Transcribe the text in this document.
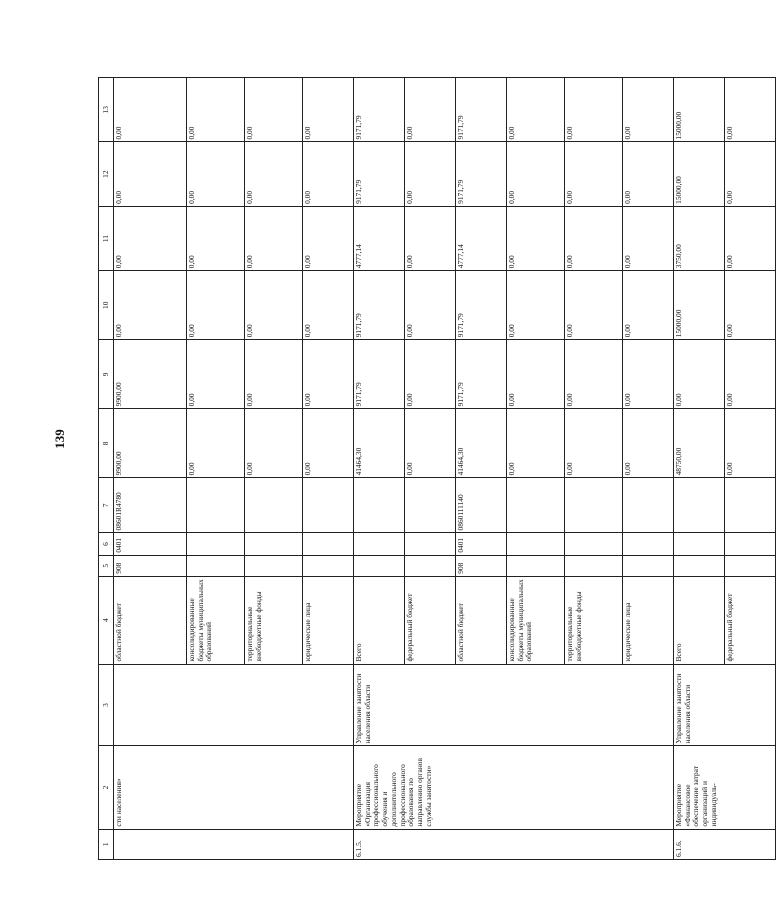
139
1	2	3	4	5	6	7	8	9	10	11	12	13
	сти населения»		областной бюджет	908	0401	08601R4780	9900,00	9900,00	0,00	0,00	0,00	0,00
			консолидированные бюджеты муниципальных образований				0,00	0,00	0,00	0,00	0,00	0,00
			территориальные внебюджетные фонды				0,00	0,00	0,00	0,00	0,00	0,00
			юридические лица				0,00	0,00	0,00	0,00	0,00	0,00
6.1.5.	Мероприятие «Организация профессионального обучения и дополнительного профессионального образования по направлению органов службы занятости»	Управление занятости населения области	Всего				41464,30	9171,79	9171,79	4777,14	9171,79	9171,79
			федеральный бюджет				0,00	0,00	0,00	0,00	0,00	0,00
			областной бюджет	908	0401	0860111140	41464,30	9171,79	9171,79	4777,14	9171,79	9171,79
			консолидированные бюджеты муниципальных образований				0,00	0,00	0,00	0,00	0,00	0,00
			территориальные внебюджетные фонды				0,00	0,00	0,00	0,00	0,00	0,00
			юридические лица				0,00	0,00	0,00	0,00	0,00	0,00
6.1.6.	Мероприятие «Финансовое обеспечение затрат организаций и индивидуаль-	Управление занятости населения области	Всего				48750,00	0,00	15000,00	3750,00	15000,00	15000,00
			федеральный бюджет				0,00	0,00	0,00	0,00	0,00	0,00
